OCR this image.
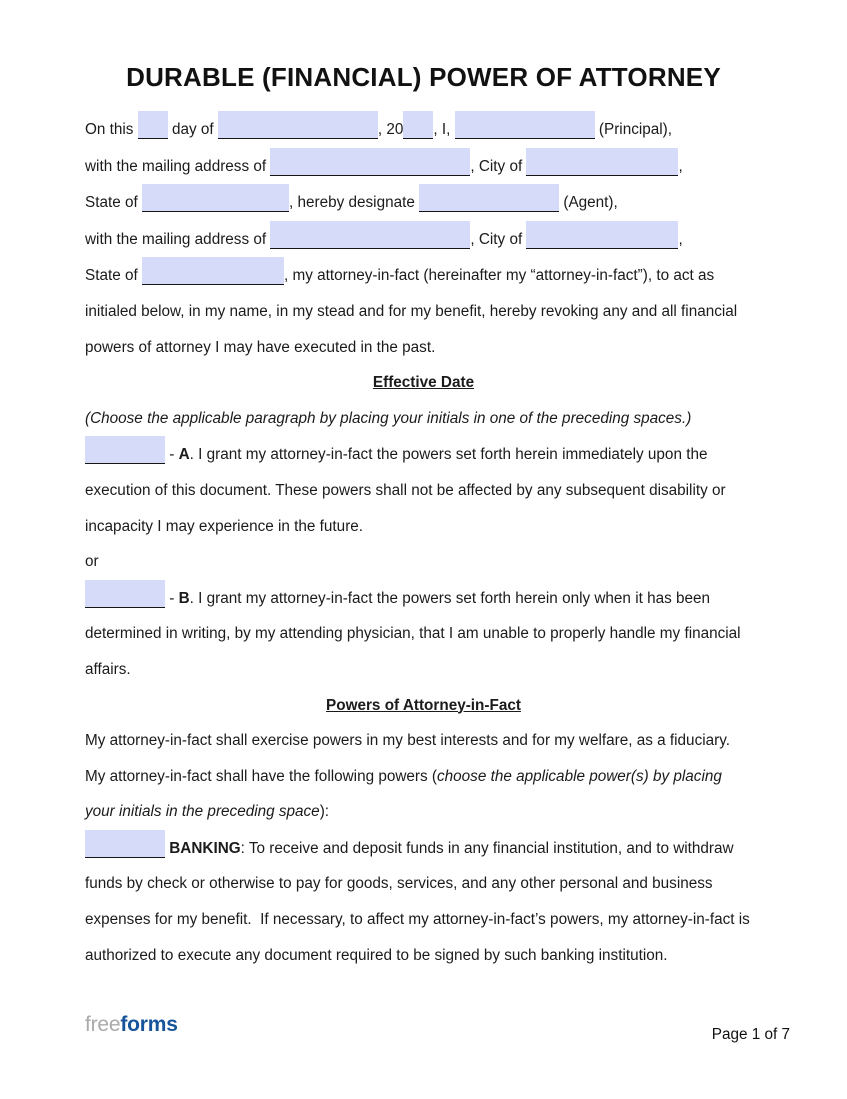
DURABLE (FINANCIAL) POWER OF ATTORNEY
On this  day of	, 20 , I,	(Principal),
with the mailing address of	, City of	,
State of	, hereby designate	(Agent),
with the mailing address of	, City of	,
State of	, my attorney-in-fact (hereinafter my “attorney-in-fact”), to act as
initialed below, in my name, in my stead and for my benefit, hereby revoking any and all financial
powers of attorney I may have executed in the past.
Effective Date
(Choose the applicable paragraph by placing your initials in one of the preceding spaces.)
- A. I grant my attorney-in-fact the powers set forth herein immediately upon the
execution of this document. These powers shall not be affected by any subsequent disability or
incapacity I may experience in the future.
or
- B. I grant my attorney-in-fact the powers set forth herein only when it has been
determined in writing, by my attending physician, that I am unable to properly handle my financial
affairs.
Powers of Attorney-in-Fact
My attorney-in-fact shall exercise powers in my best interests and for my welfare, as a fiduciary.
My attorney-in-fact shall have the following powers (choose the applicable power(s) by placing
your initials in the preceding space):
BANKING: To receive and deposit funds in any financial institution, and to withdraw
funds by check or otherwise to pay for goods, services, and any other personal and business
expenses for my benefit.  If necessary, to affect my attorney-in-fact’s powers, my attorney-in-fact is
authorized to execute any document required to be signed by such banking institution.
freeforms	Page 1 of 7
